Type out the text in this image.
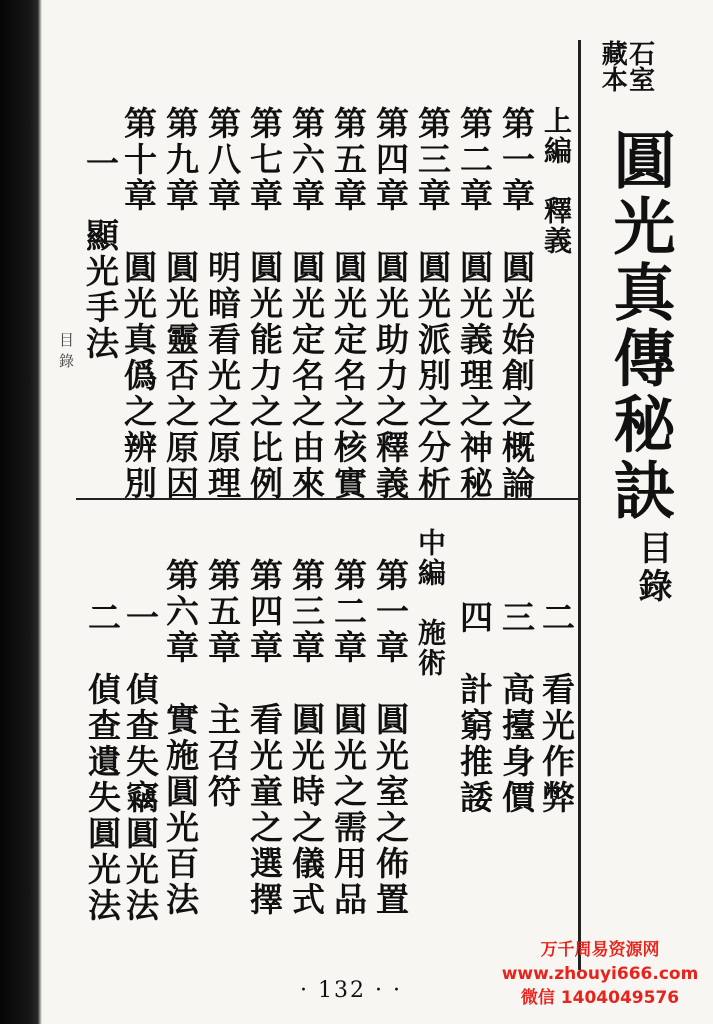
目錄
石室
藏本
圓光真傳秘訣
目錄
上編　釋義
第一章　圓光始創之概論
第二章　圓光義理之神秘
第三章　圓光派別之分析
第四章　圓光助力之釋義
第五章　圓光定名之核實
第六章　圓光定名之由來
第七章　圓光能力之比例
第八章　明暗看光之原理
第九章　圓光靈否之原因
第十章　圓光真僞之辨別
一　顯光手法
二　看光作弊
三　高擡身價
四　計窮推諉
中編　施術
第一章　圓光室之佈置
第二章　圓光之需用品
第三章　圓光時之儀式
第四章　看光童之選擇
第五章　主召符
第六章　實施圓光百法
一　偵查失竊圓光法
二　偵查遺失圓光法
· 132 · ·
万千周易资源网
www.zhouyi666.com
微信 1404049576
